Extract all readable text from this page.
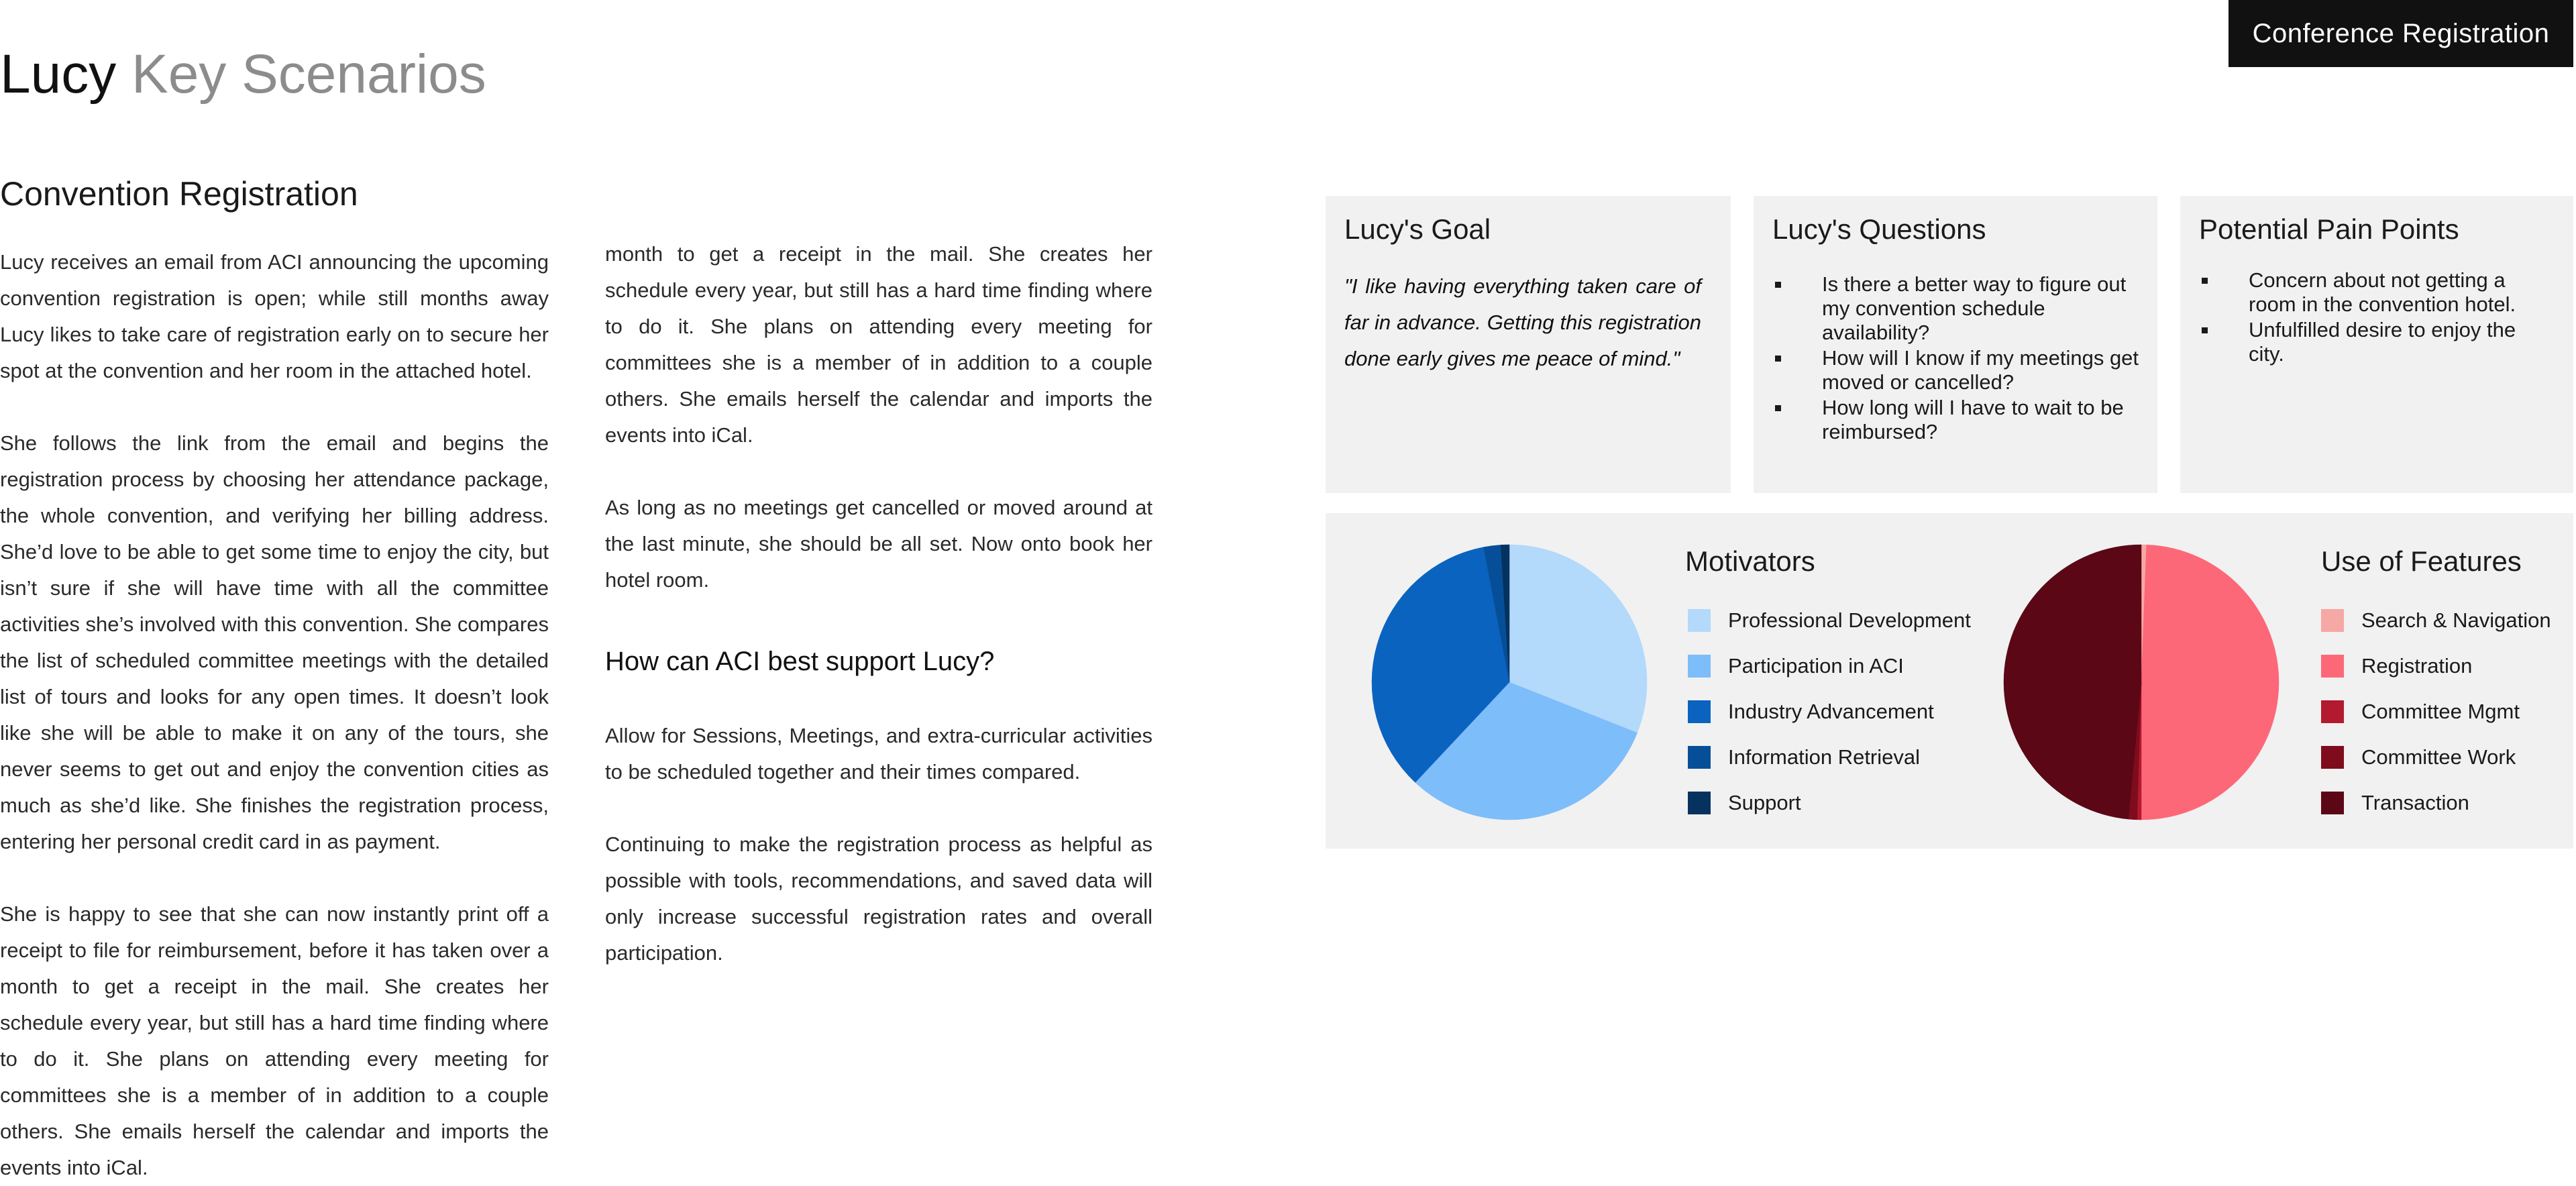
Conference Registration
Lucy Key Scenarios
Convention Registration

Lucy receives an email from ACI announcing the upcoming convention registration is open; while still months away Lucy likes to take care of registration early on to secure her spot at the convention and her room in the attached hotel.

She follows the link from the email and begins the registration process by choosing her attendance package, the whole convention, and verifying her billing address. She’d love to be able to get some time to enjoy the city, but isn’t sure if she will have time with all the committee activities she’s involved with this convention. She compares the list of scheduled committee meetings with the detailed list of tours and looks for any open times. It doesn’t look like she will be able to make it on any of the tours, she never seems to get out and enjoy the convention cities as much as she’d like. She finishes the registration process, entering her personal credit card in as payment.

She is happy to see that she can now instantly print off a receipt to file for reimbursement, before it has taken over a month to get a receipt in the mail. She creates her schedule every year, but still has a hard time finding where to do it. She plans on attending every meeting for committees she is a member of in addition to a couple others. She emails herself the calendar and imports the events into iCal.

month to get a receipt in the mail. She creates her schedule every year, but still has a hard time finding where to do it. She plans on attending every meeting for committees she is a member of in addition to a couple others. She emails herself the calendar and imports the events into iCal.

As long as no meetings get cancelled or moved around at the last minute, she should be all set. Now onto book her hotel room.

How can ACI best support Lucy?

Allow for Sessions, Meetings, and extra-curricular activities to be scheduled together and their times compared.

Continuing to make the registration process as helpful as possible with tools, recommendations, and saved data will only increase successful registration rates and overall participation.

Lucy's Goal

"I like having everything taken care of far in advance. Getting this registration done early gives me peace of mind."

Lucy's Questions
Is there a better way to figure out my convention schedule availability?
How will I know if my meetings get moved or cancelled?
How long will I have to wait to be reimbursed?
Potential Pain Points
Concern about not getting a room in the convention hotel.
Unfulfilled desire to enjoy the city.
Motivators
Professional Development
Participation in ACI
Industry Advancement
Information Retrieval
Support
Use of Features
Search & Navigation
Registration
Committee Mgmt
Committee Work
Transaction
